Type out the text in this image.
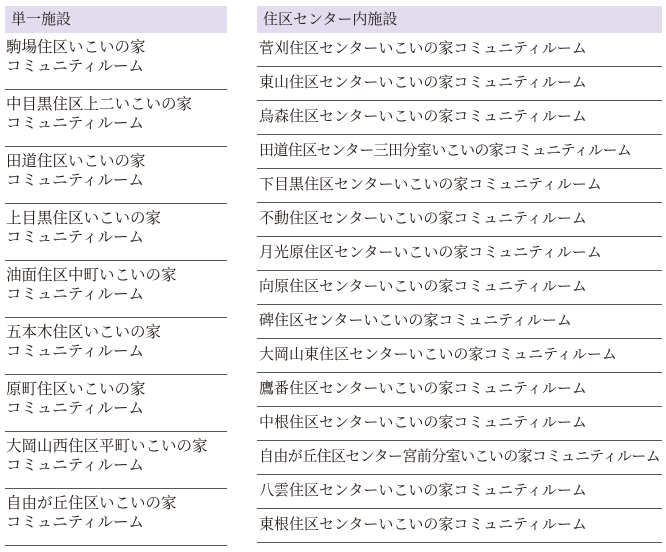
単一施設
駒場住区いこいの家
コミュニティルーム
中目黒住区上二いこいの家
コミュニティルーム
田道住区いこいの家
コミュニティルーム
上目黒住区いこいの家
コミュニティルーム
油面住区中町いこいの家
コミュニティルーム
五本木住区いこいの家
コミュニティルーム
原町住区いこいの家
コミュニティルーム
大岡山西住区平町いこいの家
コミュニティルーム
自由が丘住区いこいの家
コミュニティルーム
住区センター内施設
菅刈住区センターいこいの家コミュニティルーム
東山住区センターいこいの家コミュニティルーム
烏森住区センターいこいの家コミュニティルーム
田道住区センター三田分室いこいの家コミュニティルーム
下目黒住区センターいこいの家コミュニティルーム
不動住区センターいこいの家コミュニティルーム
月光原住区センターいこいの家コミュニティルーム
向原住区センターいこいの家コミュニティルーム
碑住区センターいこいの家コミュニティルーム
大岡山東住区センターいこいの家コミュニティルーム
鷹番住区センターいこいの家コミュニティルーム
中根住区センターいこいの家コミュニティルーム
自由が丘住区センター宮前分室いこいの家コミュニティルーム
八雲住区センターいこいの家コミュニティルーム
東根住区センターいこいの家コミュニティルーム
